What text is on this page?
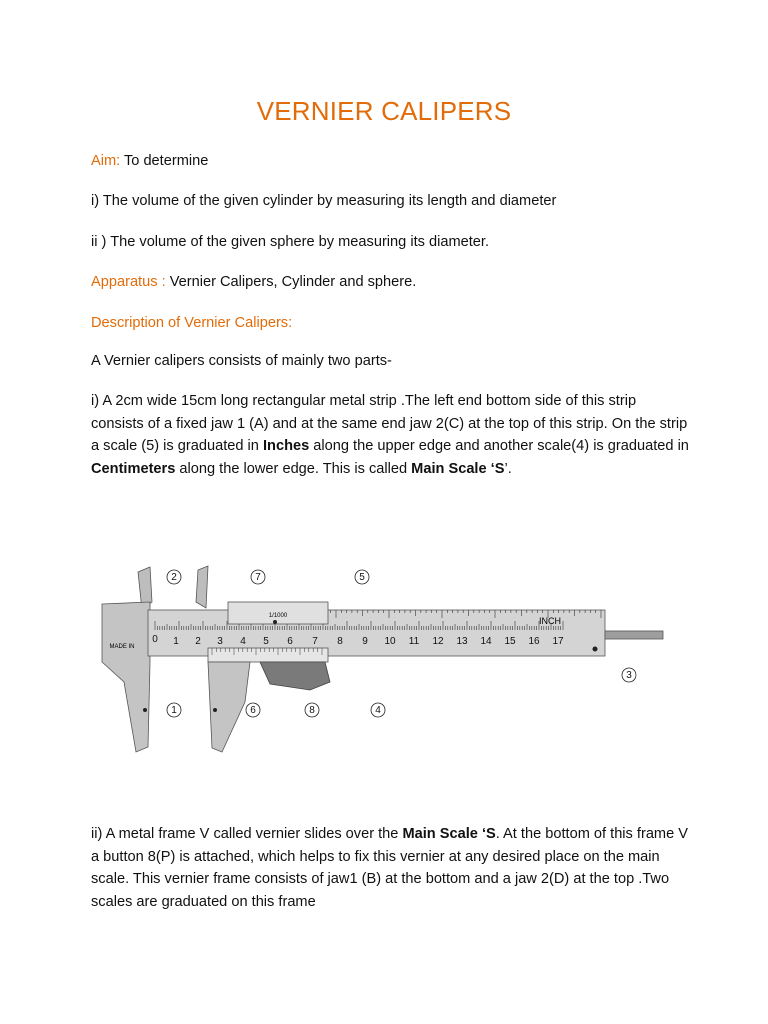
VERNIER CALIPERS
Aim: To determine
i) The volume of the given cylinder by measuring its length and diameter
ii ) The volume of the given sphere by measuring its diameter.
Apparatus : Vernier Calipers, Cylinder and sphere.
Description of Vernier Calipers:
A Vernier calipers consists of mainly two parts-
i) A 2cm wide 15cm long rectangular metal strip .The left end bottom side of this strip consists of a fixed jaw 1 (A) and at the same end jaw 2(C) at the top of this strip. On the strip a scale (5) is graduated in Inches along the upper edge and another scale(4) is graduated in Centimeters along the lower edge. This is called Main Scale ‘S’.
0 1 2 3 4 5 6 7 8 9 10 11 12 13 14 15 16 17
INCH
MADE IN
1/1000
2	7	5
3
1	6	8	4
ii) A metal frame V called vernier slides over the Main Scale ‘S. At the bottom of this frame V a button 8(P) is attached, which helps to fix this vernier at any desired place on the main scale. This vernier frame consists of jaw1 (B) at the bottom and a jaw 2(D) at the top .Two scales are graduated on this frame
